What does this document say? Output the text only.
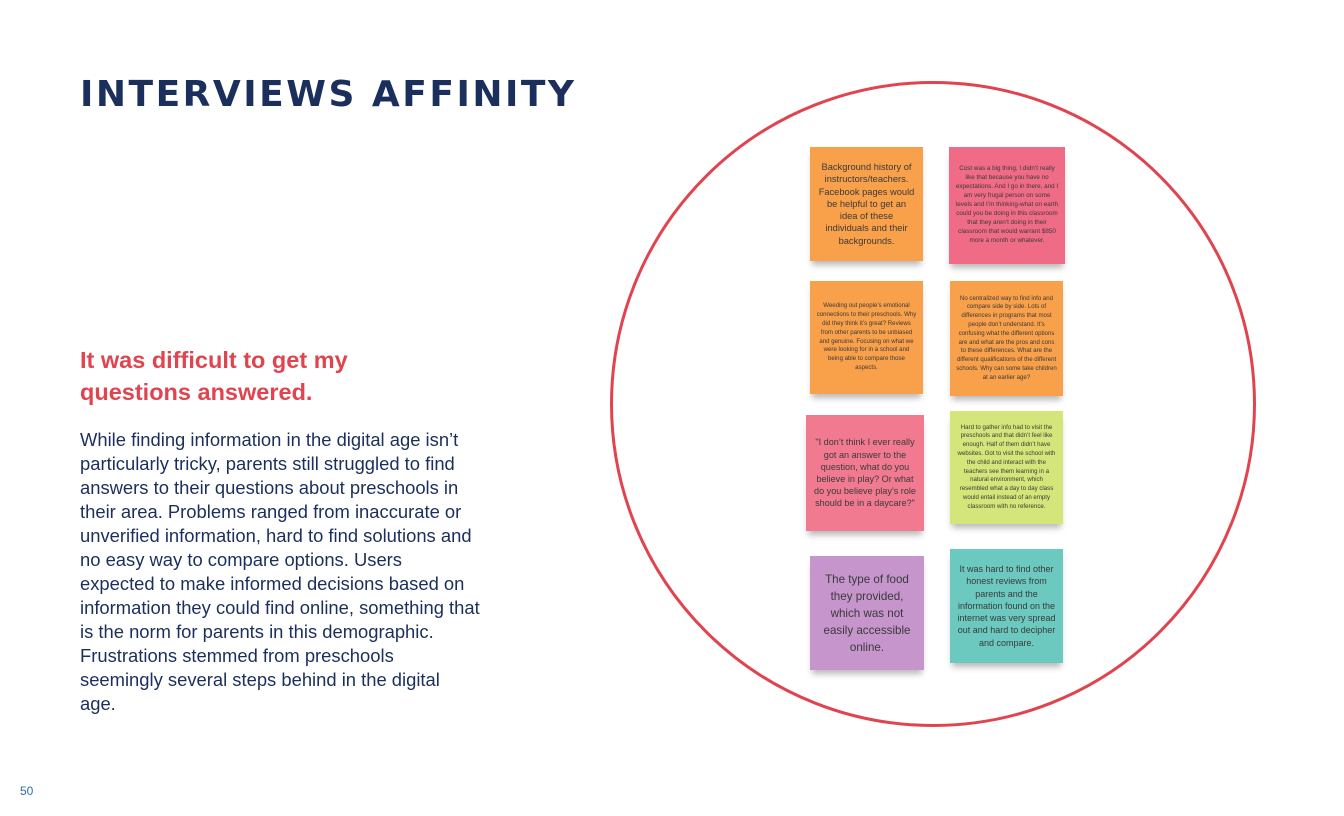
INTERVIEWS AFFINITY
It was difficult to get my questions answered.

While finding information in the digital age isn’t particularly tricky, parents still struggled to find answers to their questions about preschools in their area. Problems ranged from inaccurate or unverified information, hard to find solutions and no easy way to compare options. Users expected to make informed decisions based on information they could find online, something that is the norm for parents in this demographic. Frustrations stemmed from preschools seemingly several steps behind in the digital age.

50
Background history of instructors/teachers. Facebook pages would be helpful to get an idea of these individuals and their backgrounds.
Cost was a big thing, I didn’t really like that because you have no expectations. And I go in there, and I am very frugal person on some levels and I’m thinking-what on earth could you be doing in this classroom that they aren’t doing in their classroom that would warrant $850 more a month or whatever.
Weeding out people’s emotional connections to their preschools. Why did they think it’s great? Reviews from other parents to be unbiased and genuine. Focusing on what we were looking for in a school and being able to compare those aspects.
No centralized way to find info and compare side by side. Lots of differences in programs that most people don’t understand. It’s confusing what the different options are and what are the pros and cons to these differences. What are the different qualifications of the different schools. Why can some take children at an earlier age?
"I don’t think I ever really got an answer to the question, what do you believe in play? Or what do you believe play’s role should be in a daycare?"
Hard to gather info had to visit the preschools and that didn’t feel like enough. Half of them didn’t have websites. Got to visit the school with the child and interact with the teachers see them learning in a natural environment, which resembled what a day to day class would entail instead of an empty classroom with no reference.
The type of food they provided, which was not easily accessible online.
It was hard to find other honest reviews from parents and the information found on the internet was very spread out and hard to decipher and compare.
